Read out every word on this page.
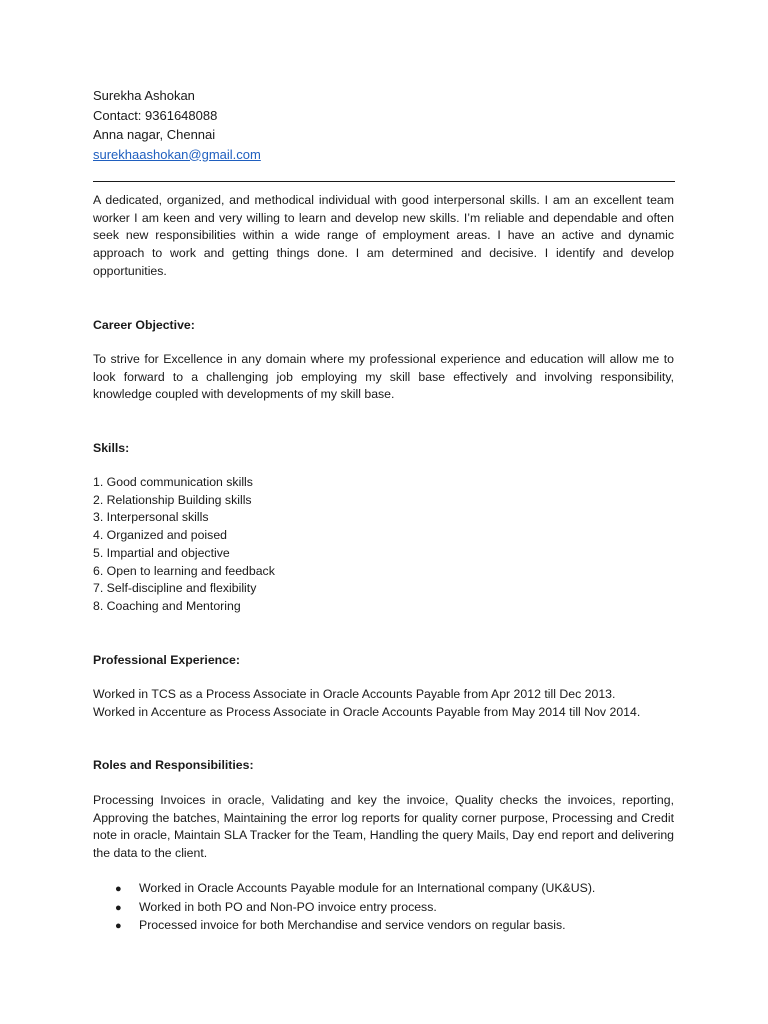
Surekha Ashokan
Contact: 9361648088
Anna nagar, Chennai
surekhaashokan@gmail.com
A dedicated, organized, and methodical individual with good interpersonal skills. I am an excellent team worker I am keen and very willing to learn and develop new skills. I’m reliable and dependable and often seek new responsibilities within a wide range of employment areas. I have an active and dynamic approach to work and getting things done. I am determined and decisive. I identify and develop opportunities.
Career Objective:
To strive for Excellence in any domain where my professional experience and education will allow me to look forward to a challenging job employing my skill base effectively and involving responsibility, knowledge coupled with developments of my skill base.
Skills:
1. Good communication skills
2. Relationship Building skills
3. Interpersonal skills
4. Organized and poised
5. Impartial and objective
6. Open to learning and feedback
7. Self-discipline and flexibility
8. Coaching and Mentoring
Professional Experience:
Worked in TCS as a Process Associate in Oracle Accounts Payable from Apr 2012 till Dec 2013.
Worked in Accenture as Process Associate in Oracle Accounts Payable from May 2014 till Nov 2014.
Roles and Responsibilities:
Processing Invoices in oracle, Validating and key the invoice, Quality checks the invoices, reporting, Approving the batches, Maintaining the error log reports for quality corner purpose, Processing and Credit note in oracle, Maintain SLA Tracker for the Team, Handling the query Mails, Day end report and delivering the data to the client.
● Worked in Oracle Accounts Payable module for an International company (UK&US).
● Worked in both PO and Non-PO invoice entry process.
● Processed invoice for both Merchandise and service vendors on regular basis.
